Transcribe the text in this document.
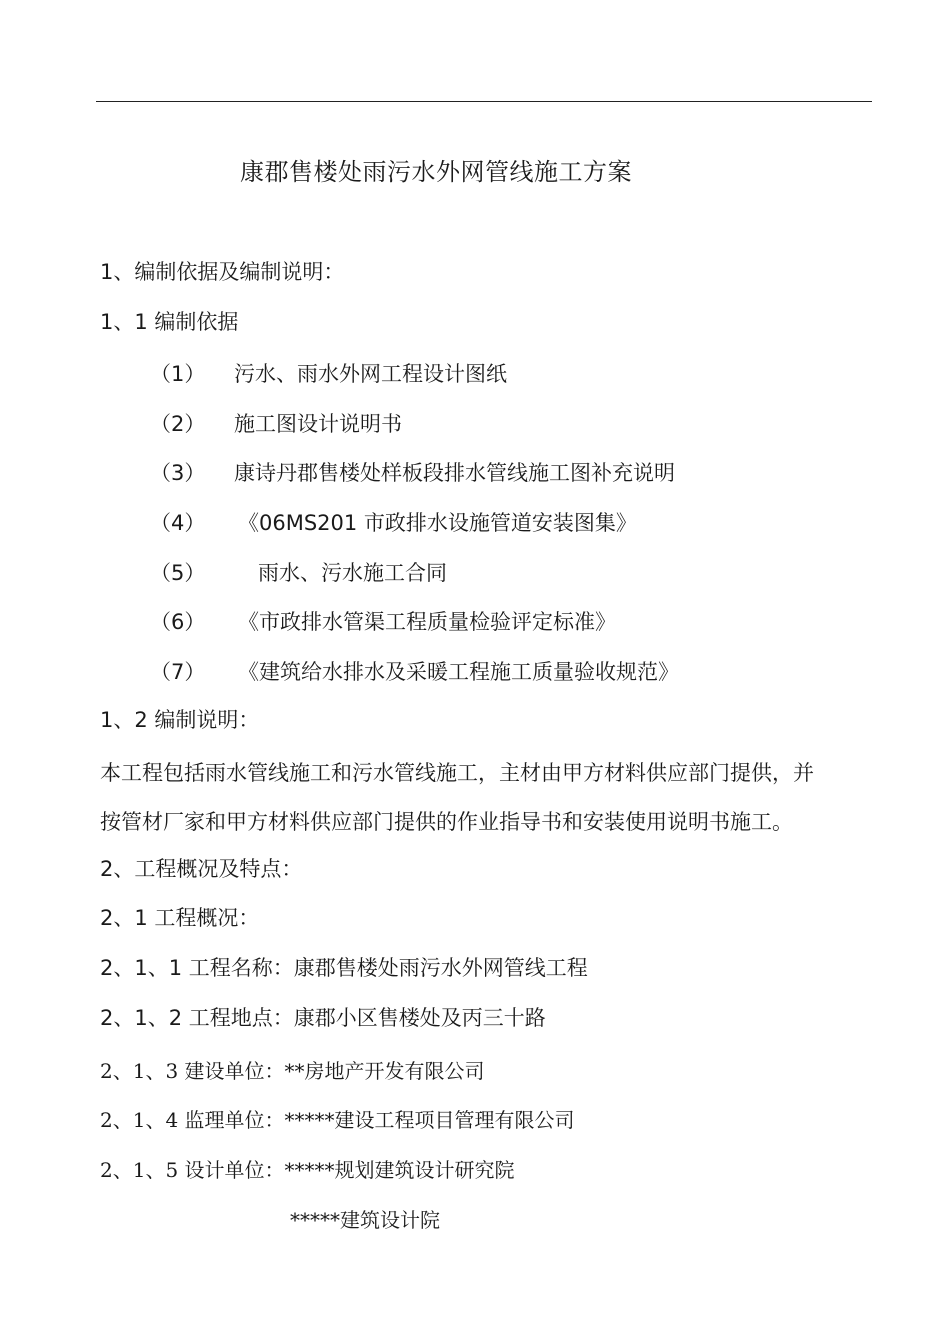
康郡售楼处雨污水外网管线施工方案
1、编制依据及编制说明：
1、1 编制依据
（1） 污水、雨水外网工程设计图纸
（2） 施工图设计说明书
（3） 康诗丹郡售楼处样板段排水管线施工图补充说明
（4） 《06MS201 市政排水设施管道安装图集》
（5）	雨水、污水施工合同
（6） 《市政排水管渠工程质量检验评定标准》
（7） 《建筑给水排水及采暖工程施工质量验收规范》
1、2 编制说明：
本工程包括雨水管线施工和污水管线施工，主材由甲方材料供应部门提供，并
按管材厂家和甲方材料供应部门提供的作业指导书和安装使用说明书施工。
2、工程概况及特点：
2、1 工程概况：
2、1、1 工程名称：康郡售楼处雨污水外网管线工程
2、1、2 工程地点：康郡小区售楼处及丙三十路
2、1、3 建设单位：**房地产开发有限公司
2、1、4 监理单位：*****建设工程项目管理有限公司
2、1、5 设计单位：*****规划建筑设计研究院
*****建筑设计院
